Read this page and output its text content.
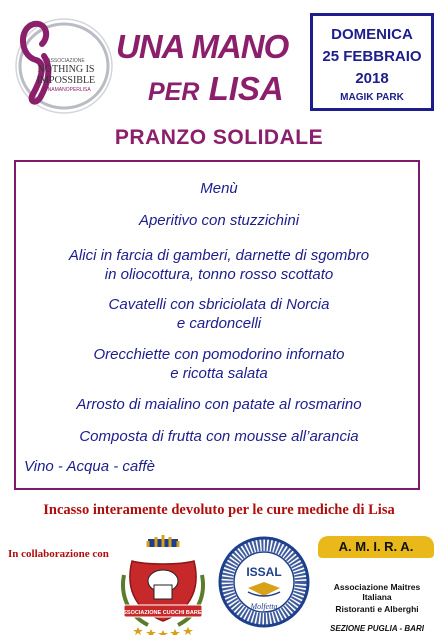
ASSOCIAZIONE
NOTHING IS
IMPOSSIBLE
#UNAMANOPERLISA
UNA MANO
PER LISA
DOMENICA
25 FEBBRAIO
2018
MAGIK PARK
PRANZO SOLIDALE
Menù
Aperitivo con stuzzichini
Alici in farcia di gamberi, darnette di sgombro
in oliocottura, tonno rosso scottato
Cavatelli con sbriciolata di Norcia
e cardoncelli
Orecchiette con pomodorino infornato
e ricotta salata
Arrosto di maialino con patate al rosmarino
Composta di frutta con mousse all’arancia
Vino - Acqua - caffè
Incasso interamente devoluto per le cure mediche di Lisa
In collaborazione con
ASSOCIAZIONE CUOCHI BARESI
ISSAL
Molfetta
A. M. I. R. A.
Associazione Maitres Italiana
Ristoranti e Alberghi
SEZIONE PUGLIA - BARI
